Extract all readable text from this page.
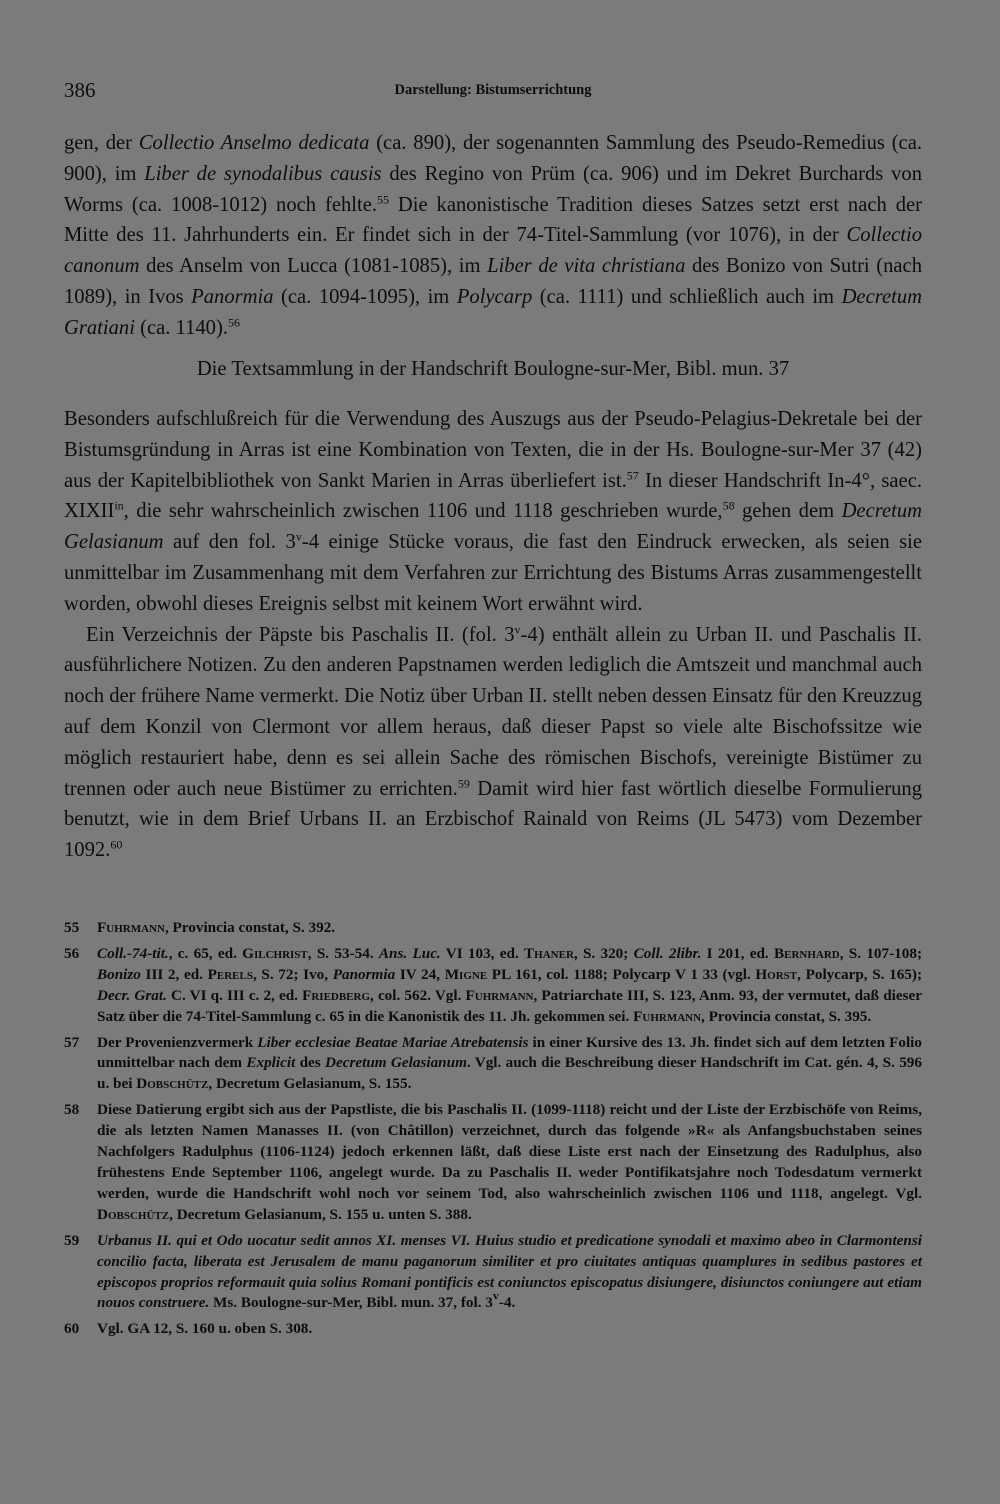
386	Darstellung: Bistumserrichtung

gen, der Collectio Anselmo dedicata (ca. 890), der sogenannten Sammlung des Pseudo-Remedius (ca. 900), im Liber de synodalibus causis des Regino von Prüm (ca. 906) und im Dekret Burchards von Worms (ca. 1008-1012) noch fehlte.$^{55}$ Die kanonistische Tradition dieses Satzes setzt erst nach der Mitte des 11. Jahrhunderts ein. Er findet sich in der 74-Titel-Sammlung (vor 1076), in der Collectio canonum des Anselm von Lucca (1081-1085), im Liber de vita christiana des Bonizo von Sutri (nach 1089), in Ivos Panormia (ca. 1094-1095), im Polycarp (ca. 1111) und schließlich auch im Decretum Gratiani (ca. 1140).$^{56}$

Die Textsammlung in der Handschrift Boulogne-sur-Mer, Bibl. mun. 37

Besonders aufschlußreich für die Verwendung des Auszugs aus der Pseudo-Pelagius-Dekretale bei der Bistumsgründung in Arras ist eine Kombination von Texten, die in der Hs. Boulogne-sur-Mer 37 (42) aus der Kapitelbibliothek von Sankt Marien in Arras überliefert ist.$^{57}$ In dieser Handschrift In-4°, saec. $XIXII^{in}$, die sehr wahrscheinlich zwischen 1106 und 1118 geschrieben wurde,$^{58}$ gehen dem Decretum Gelasianum auf den fol. 3$^v$-4 einige Stücke voraus, die fast den Eindruck erwecken, als seien sie unmittelbar im Zusammenhang mit dem Verfahren zur Errichtung des Bistums Arras zusammengestellt worden, obwohl dieses Ereignis selbst mit keinem Wort erwähnt wird.

Ein Verzeichnis der Päpste bis Paschalis II. (fol. 3$^v$-4) enthält allein zu Urban II. und Paschalis II. ausführlichere Notizen. Zu den anderen Papstnamen werden lediglich die Amtszeit und manchmal auch noch der frühere Name vermerkt. Die Notiz über Urban II. stellt neben dessen Einsatz für den Kreuzzug auf dem Konzil von Clermont vor allem heraus, daß dieser Papst so viele alte Bischofssitze wie möglich restauriert habe, denn es sei allein Sache des römischen Bischofs, vereinigte Bistümer zu trennen oder auch neue Bistümer zu errichten.$^{59}$ Damit wird hier fast wörtlich dieselbe Formulierung benutzt, wie in dem Brief Urbans II. an Erzbischof Rainald von Reims (JL 5473) vom Dezember 1092.60

55	Fuhrmann, Provincia constat, S. 392.
56	Coll.-74-tit., c. 65, ed. Gilchrist, S. 53-54. Ans. Luc. VI 103, ed. Thaner, S. 320; Coll. 2libr. I 201, ed. Bernhard, S. 107-108; Bonizo III 2, ed. Perels, S. 72; Ivo, Panormia IV 24, Migne PL 161, col. 1188; Polycarp V 1 33 (vgl. Horst, Polycarp, S. 165); Decr. Grat. C. VI q. III c. 2, ed. Friedberg, col. 562. Vgl. Fuhrmann, Patriarchate III, S. 123, Anm. 93, der vermutet, daß dieser Satz über die 74-Titel-Sammlung c. 65 in die Kanonistik des 11. Jh. gekommen sei. Fuhrmann, Provincia constat, S. 395.
57	Der Provenienzvermerk Liber ecclesiae Beatae Mariae Atrebatensis in einer Kursive des 13. Jh. findet sich auf dem letzten Folio unmittelbar nach dem Explicit des Decretum Gelasianum. Vgl. auch die Beschreibung dieser Handschrift im Cat. gén. 4, S. 596 u. bei Dobschütz, Decretum Gelasianum, S. 155.
58	Diese Datierung ergibt sich aus der Papstliste, die bis Paschalis II. (1099-1118) reicht und der Liste der Erzbischöfe von Reims, die als letzten Namen Manasses II. (von Châtillon) verzeichnet, durch das folgende »R« als Anfangsbuchstaben seines Nachfolgers Radulphus (1106-1124) jedoch erkennen läßt, daß diese Liste erst nach der Einsetzung des Radulphus, also frühestens Ende September 1106, angelegt wurde. Da zu Paschalis II. weder Pontifikatsjahre noch Todesdatum vermerkt werden, wurde die Handschrift wohl noch vor seinem Tod, also wahrscheinlich zwischen 1106 und 1118, angelegt. Vgl. Dobschütz, Decretum Gelasianum, S. 155 u. unten S. 388.
59	Urbanus II. qui et Odo uocatur sedit annos XI. menses VI. Huius studio et predicatione synodali et maximo abeo in Clarmontensi concilio facta, liberata est Jerusalem de manu paganorum similiter et pro ciuitates antiquas quamplures in sedibus pastores et episcopos proprios reformauit quia solius Romani pontificis est coniunctos episcopatus disiungere, disiunctos coniungere aut etiam nouos construere. Ms. Boulogne-sur-Mer, Bibl. mun. 37, fol. 3$^v$-4.
60	Vgl. GA 12, S. 160 u. oben S. 308.
